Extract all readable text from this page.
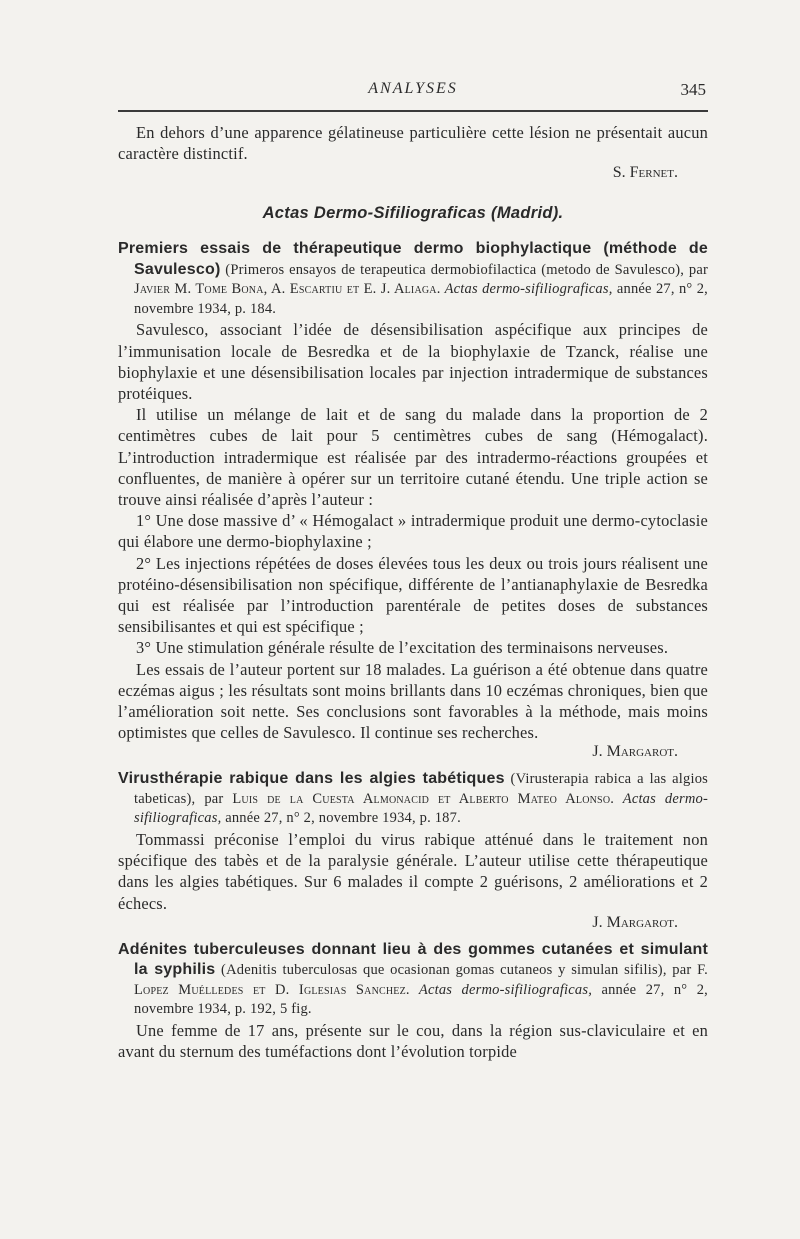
ANALYSES	345

En dehors d’une apparence gélatineuse particulière cette lésion ne présentait aucun caractère distinctif.

S. Fernet.
Actas Dermo-Sifiliograficas (Madrid).

Premiers essais de thérapeutique dermo biophylactique (méthode de Savulesco) (Primeros ensayos de terapeutica dermobiofilactica (metodo de Savulesco), par Javier M. Tome Bona, A. Escartiu et E. J. Aliaga. Actas dermo-sifiliograficas, année 27, n° 2, novembre 1934, p. 184.

Savulesco, associant l’idée de désensibilisation aspécifique aux principes de l’immunisation locale de Besredka et de la biophylaxie de Tzanck, réalise une biophylaxie et une désensibilisation locales par injection intradermique de substances protéiques.

Il utilise un mélange de lait et de sang du malade dans la proportion de 2 centimètres cubes de lait pour 5 centimètres cubes de sang (Hémogalact). L’introduction intradermique est réalisée par des intradermo-réactions groupées et confluentes, de manière à opérer sur un territoire cutané étendu. Une triple action se trouve ainsi réalisée d’après l’auteur :

1° Une dose massive d’ « Hémogalact » intradermique produit une dermo-cytoclasie qui élabore une dermo-biophylaxine ;

2° Les injections répétées de doses élevées tous les deux ou trois jours réalisent une protéino-désensibilisation non spécifique, différente de l’antianaphylaxie de Besredka qui est réalisée par l’introduction parentérale de petites doses de substances sensibilisantes et qui est spécifique ;

3° Une stimulation générale résulte de l’excitation des terminaisons nerveuses.

Les essais de l’auteur portent sur 18 malades. La guérison a été obtenue dans quatre eczémas aigus ; les résultats sont moins brillants dans 10 eczémas chroniques, bien que l’amélioration soit nette. Ses conclusions sont favorables à la méthode, mais moins optimistes que celles de Savulesco. Il continue ses recherches.

J. Margarot.

Virusthérapie rabique dans les algies tabétiques (Virusterapia rabica a las algios tabeticas), par Luis de la Cuesta Almonacid et Alberto Mateo Alonso. Actas dermo-sifiliograficas, année 27, n° 2, novembre 1934, p. 187.

Tommassi préconise l’emploi du virus rabique atténué dans le traitement non spécifique des tabès et de la paralysie générale. L’auteur utilise cette thérapeutique dans les algies tabétiques. Sur 6 malades il compte 2 guérisons, 2 améliorations et 2 échecs.

J. Margarot.

Adénites tuberculeuses donnant lieu à des gommes cutanées et simulant la syphilis (Adenitis tuberculosas que ocasionan gomas cutaneos y simulan sifilis), par F. Lopez Muélledes et D. Iglesias Sanchez. Actas dermo-sifiliograficas, année 27, n° 2, novembre 1934, p. 192, 5 fig.

Une femme de 17 ans, présente sur le cou, dans la région sus-claviculaire et en avant du sternum des tuméfactions dont l’évolution torpide
